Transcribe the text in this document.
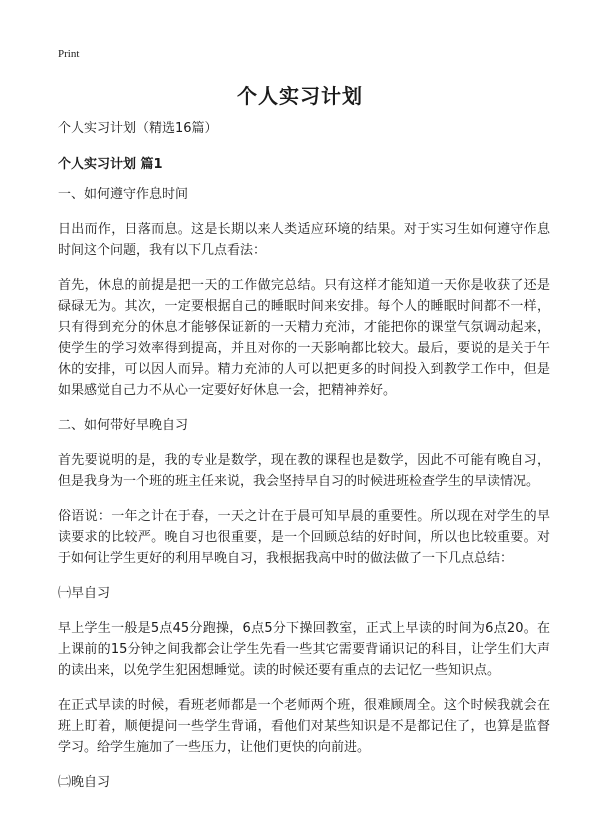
Print
个人实习计划

个人实习计划（精选16篇）

个人实习计划 篇1

一、如何遵守作息时间

日出而作，日落而息。这是长期以来人类适应环境的结果。对于实习生如何遵守作息时间这个问题，我有以下几点看法：

首先，休息的前提是把一天的工作做完总结。只有这样才能知道一天你是收获了还是碌碌无为。其次，一定要根据自己的睡眠时间来安排。每个人的睡眠时间都不一样，只有得到充分的休息才能够保证新的一天精力充沛，才能把你的课堂气氛调动起来，使学生的学习效率得到提高，并且对你的一天影响都比较大。最后，要说的是关于午休的安排，可以因人而异。精力充沛的人可以把更多的时间投入到教学工作中，但是如果感觉自己力不从心一定要好好休息一会，把精神养好。

二、如何带好早晚自习

首先要说明的是，我的专业是数学，现在教的课程也是数学，因此不可能有晚自习，但是我身为一个班的班主任来说，我会坚持早自习的时候进班检查学生的早读情况。

俗语说：一年之计在于春，一天之计在于晨可知早晨的重要性。所以现在对学生的早读要求的比较严。晚自习也很重要，是一个回顾总结的好时间，所以也比较重要。对于如何让学生更好的利用早晚自习，我根据我高中时的做法做了一下几点总结：

㈠早自习

早上学生一般是5点45分跑操，6点5分下操回教室，正式上早读的时间为6点20。在上课前的15分钟之间我都会让学生先看一些其它需要背诵识记的科目，让学生们大声的读出来，以免学生犯困想睡觉。读的时候还要有重点的去记忆一些知识点。

在正式早读的时候，看班老师都是一个老师两个班，很难顾周全。这个时候我就会在班上盯着，顺便提问一些学生背诵，看他们对某些知识是不是都记住了，也算是监督学习。给学生施加了一些压力，让他们更快的向前进。

㈡晚自习
